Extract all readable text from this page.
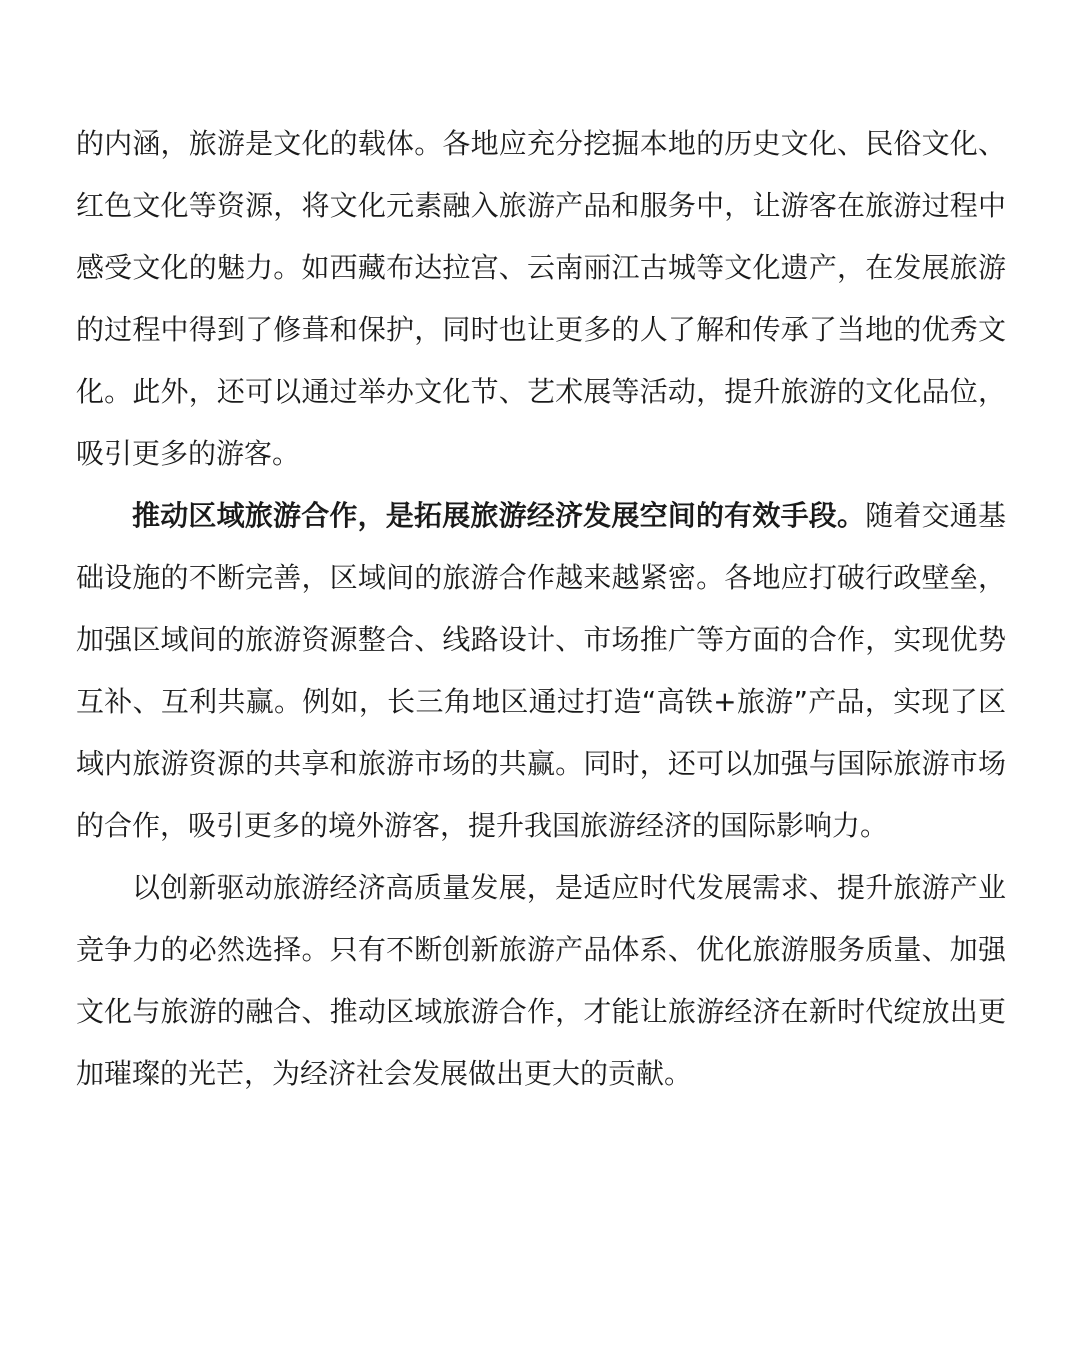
的内涵，旅游是文化的载体。各地应充分挖掘本地的历史文化、民俗文化、红色文化等资源，将文化元素融入旅游产品和服务中，让游客在旅游过程中感受文化的魅力。如西藏布达拉宫、云南丽江古城等文化遗产，在发展旅游的过程中得到了修葺和保护，同时也让更多的人了解和传承了当地的优秀文化。此外，还可以通过举办文化节、艺术展等活动，提升旅游的文化品位，吸引更多的游客。

推动区域旅游合作，是拓展旅游经济发展空间的有效手段。随着交通基础设施的不断完善，区域间的旅游合作越来越紧密。各地应打破行政壁垒，加强区域间的旅游资源整合、线路设计、市场推广等方面的合作，实现优势互补、互利共赢。例如，长三角地区通过打造“高铁+旅游”产品，实现了区域内旅游资源的共享和旅游市场的共赢。同时，还可以加强与国际旅游市场的合作，吸引更多的境外游客，提升我国旅游经济的国际影响力。

以创新驱动旅游经济高质量发展，是适应时代发展需求、提升旅游产业竞争力的必然选择。只有不断创新旅游产品体系、优化旅游服务质量、加强文化与旅游的融合、推动区域旅游合作，才能让旅游经济在新时代绽放出更加璀璨的光芒，为经济社会发展做出更大的贡献。
